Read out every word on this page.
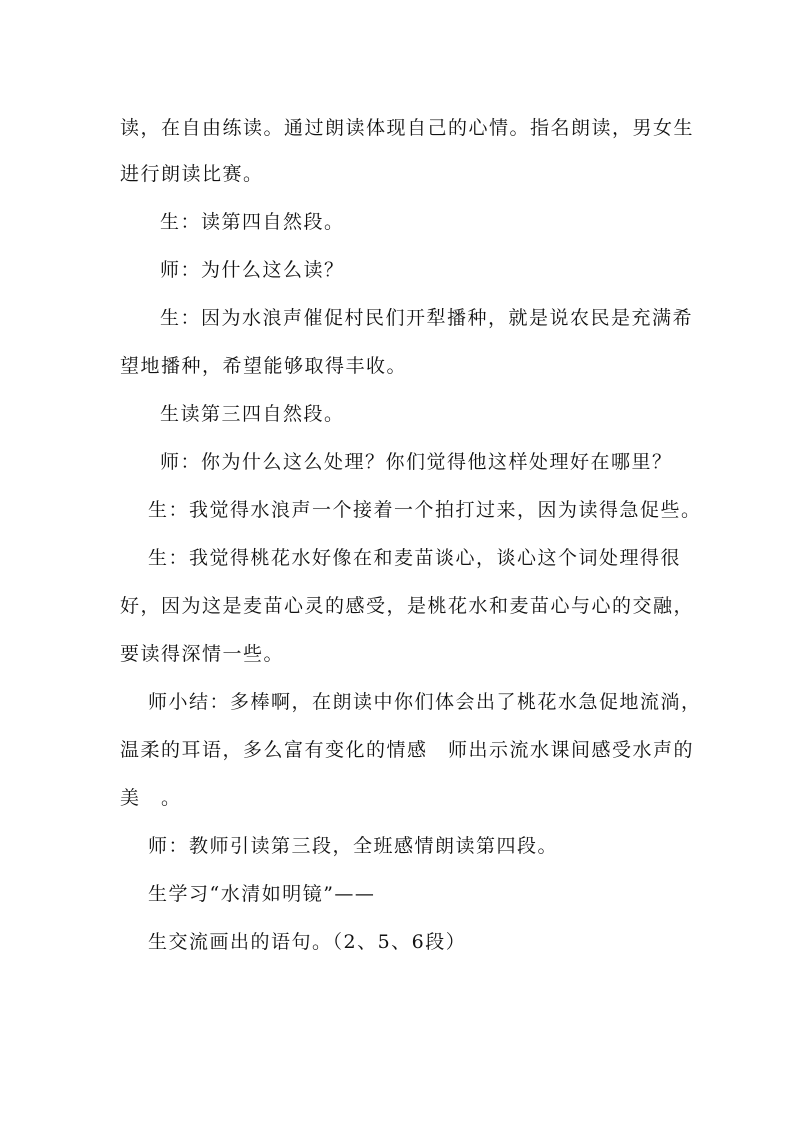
读，在自由练读。通过朗读体现自己的心情。指名朗读，男女生
进行朗读比赛。
生：读第四自然段。
师：为什么这么读？
生：因为水浪声催促村民们开犁播种，就是说农民是充满希
望地播种，希望能够取得丰收。
生读第三四自然段。
师：你为什么这么处理？你们觉得他这样处理好在哪里？
生：我觉得水浪声一个接着一个拍打过来，因为读得急促些。
生：我觉得桃花水好像在和麦苗谈心，谈心这个词处理得很
好，因为这是麦苗心灵的感受，是桃花水和麦苗心与心的交融，
要读得深情一些。
师小结：多棒啊，在朗读中你们体会出了桃花水急促地流淌，
温柔的耳语，多么富有变化的情感　师出示流水课间感受水声的
美　。
师：教师引读第三段，全班感情朗读第四段。
生学习“水清如明镜”——
生交流画出的语句。（2、5、6段）
